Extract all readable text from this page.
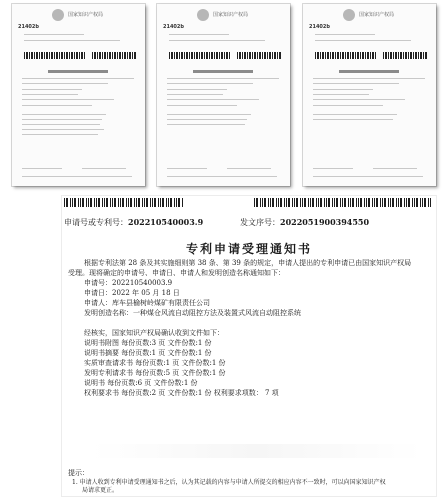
国家知识产权局
21402b
国家知识产权局
21402b
国家知识产权局
21402b
申请号或专利号：202210540003.9	发文序号：2022051900394550
专利申请受理通知书
根据专利法第 28 条及其实施细则第 38 条、第 39 条的规定，申请人提出的专利申请已由国家知识产权局
受理。现将确定的申请号、申请日、申请人和发明创造名称通知如下：
申请号：202210540003.9
申请日：2022 年 05 月 18 日
申请人：库车县榆树岭煤矿有限责任公司
发明创造名称：一种煤仓风流自动阻控方法及装置式风流自动阻控系统
经核实，国家知识产权局确认收到文件如下：
说明书附图 每份页数:3 页 文件份数:1 份
说明书摘要 每份页数:1 页 文件份数:1 份
实质审查请求书 每份页数:1 页 文件份数:1 份
发明专利请求书 每份页数:5 页 文件份数:1 份
说明书 每份页数:6 页 文件份数:1 份
权利要求书 每份页数:2 页 文件份数:1 份 权利要求项数： 7 项
提示：
1. 申请人收到专利申请受理通知书之后，认为其记载的内容与申请人所提交的相应内容不一致时，可以向国家知识产权
局请求更正。
